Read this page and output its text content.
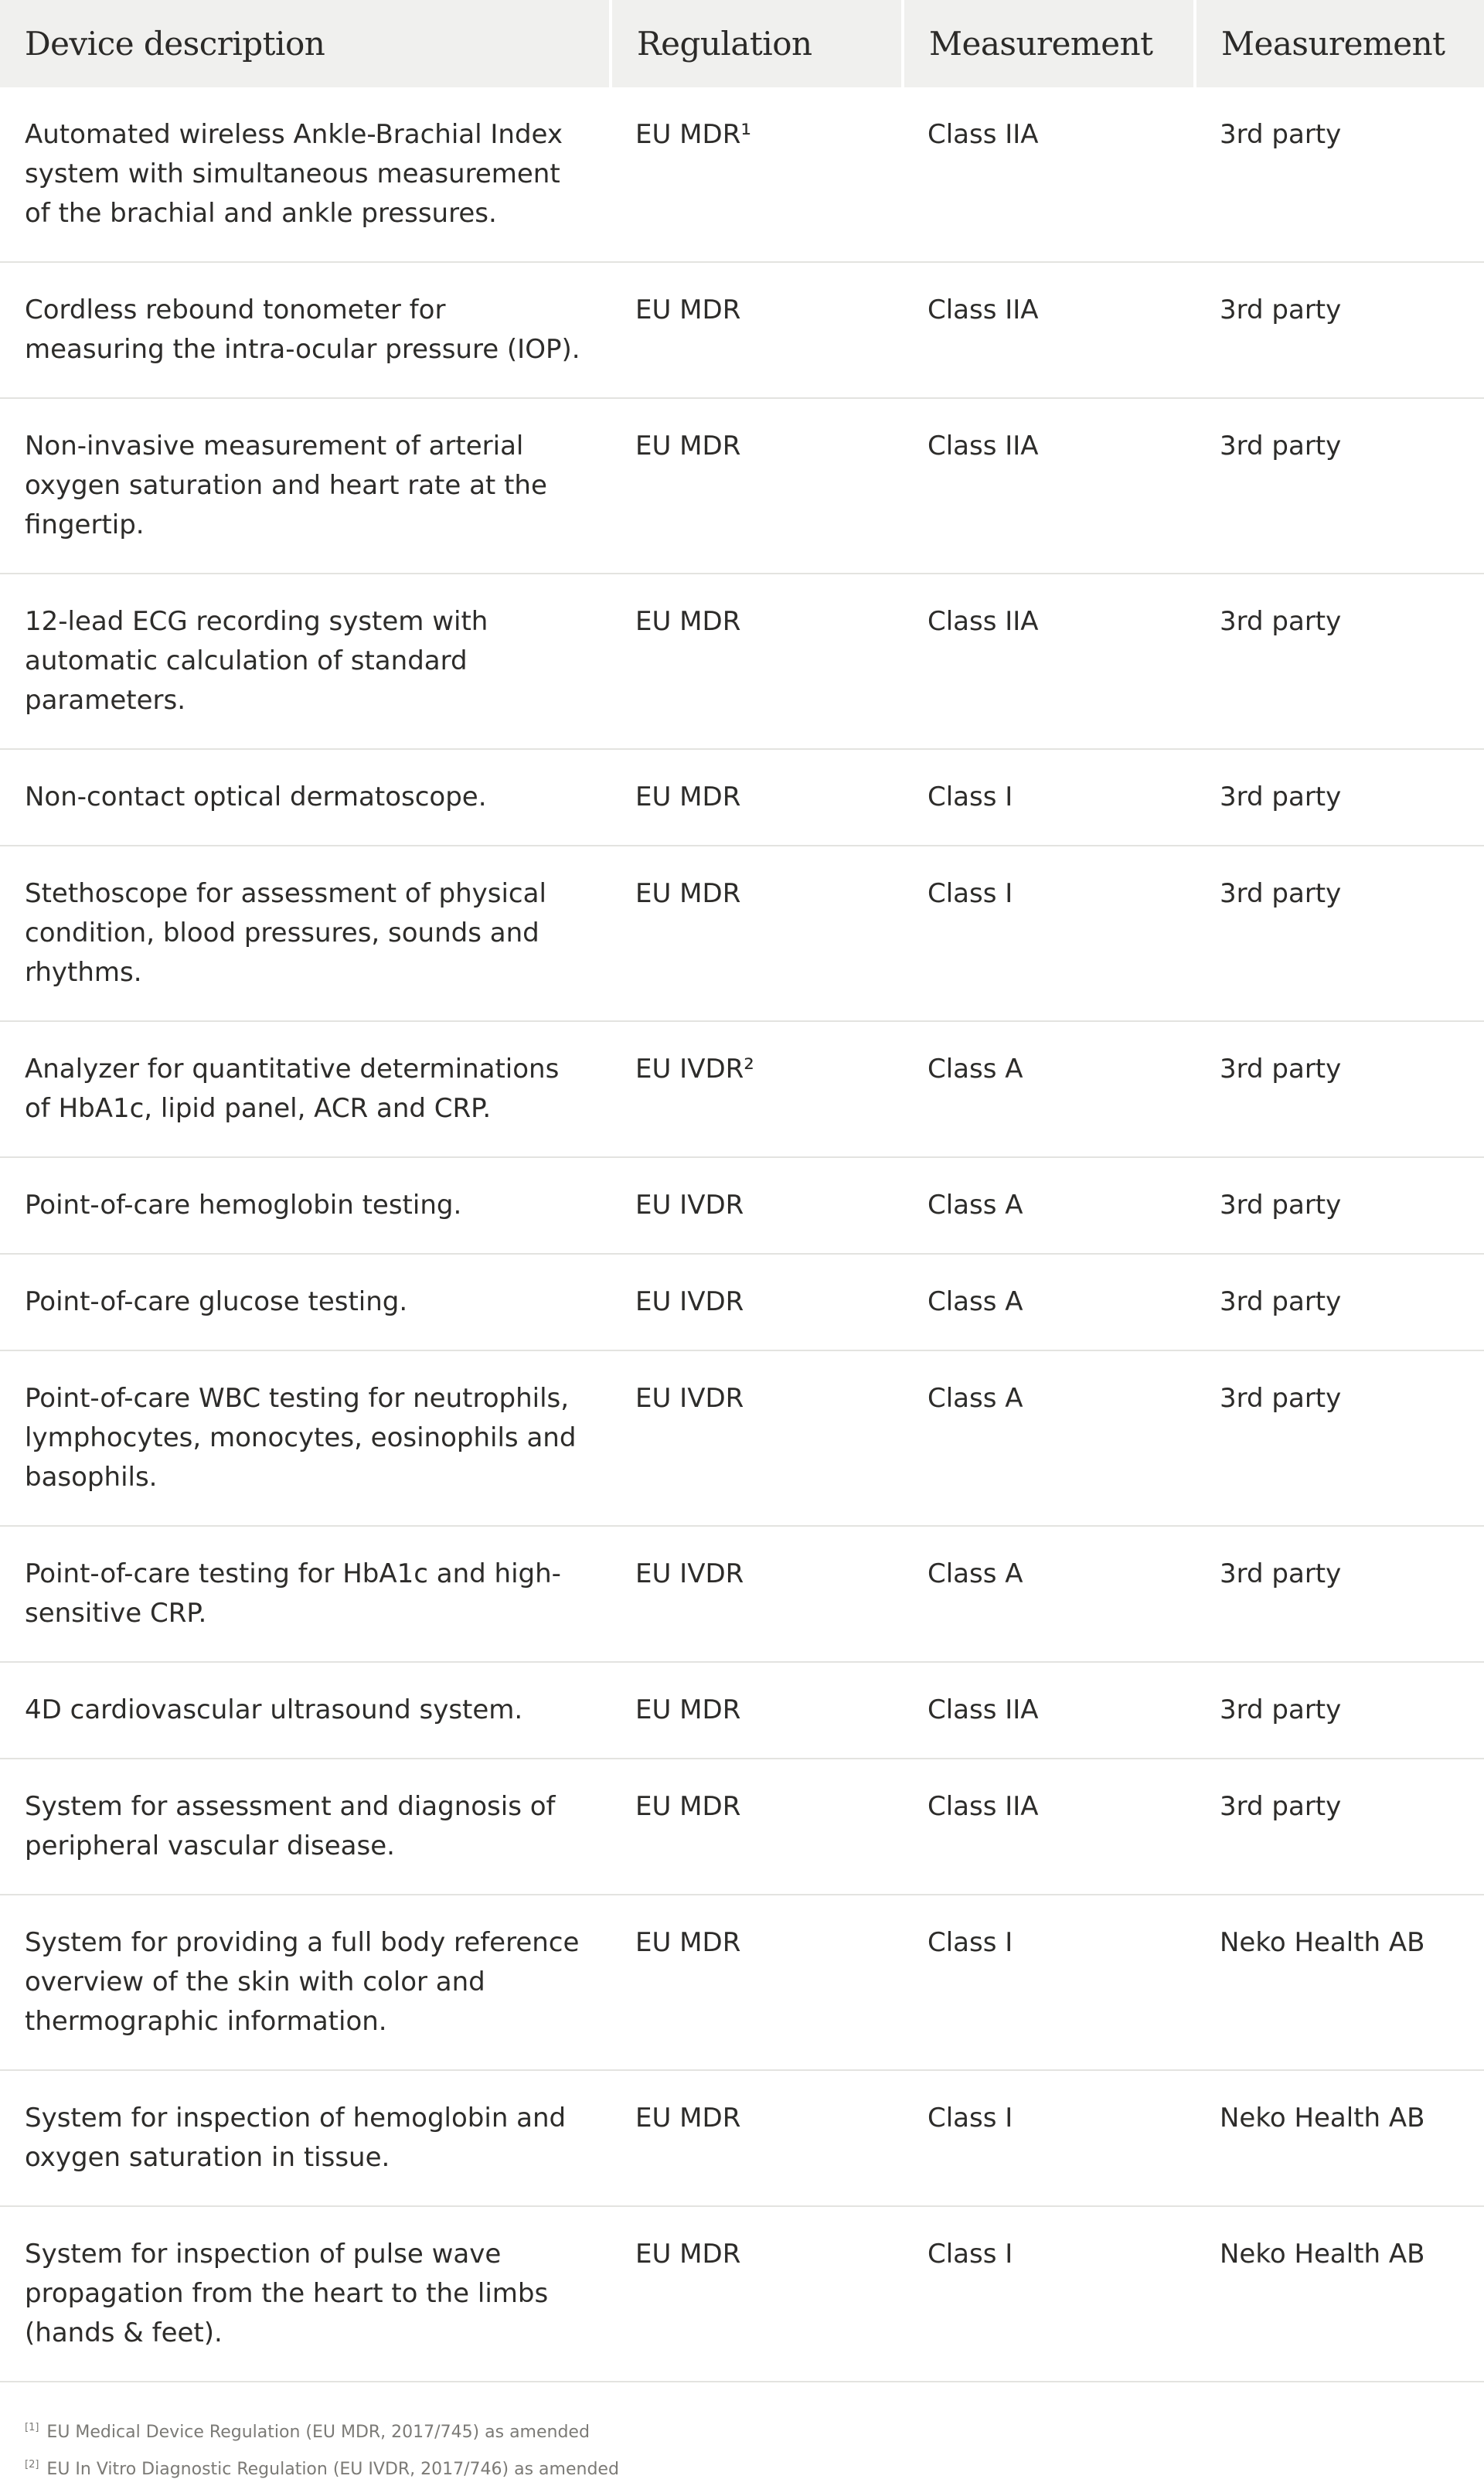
Device description	Regulation	Measurement	Measurement
Automated wireless Ankle-Brachial Index system with simultaneous measurement of the brachial and ankle pressures.	EU MDR¹	Class IIA	3rd party
Cordless rebound tonometer for measuring the intra-ocular pressure (IOP).	EU MDR	Class IIA	3rd party
Non-invasive measurement of arterial oxygen saturation and heart rate at the fingertip.	EU MDR	Class IIA	3rd party
12-lead ECG recording system with automatic calculation of standard parameters.	EU MDR	Class IIA	3rd party
Non-contact optical dermatoscope.	EU MDR	Class I	3rd party
Stethoscope for assessment of physical condition, blood pressures, sounds and rhythms.	EU MDR	Class I	3rd party
Analyzer for quantitative determinations of HbA1c, lipid panel, ACR and CRP.	EU IVDR²	Class A	3rd party
Point-of-care hemoglobin testing.	EU IVDR	Class A	3rd party
Point-of-care glucose testing.	EU IVDR	Class A	3rd party
Point-of-care WBC testing for neutrophils, lymphocytes, monocytes, eosinophils and basophils.	EU IVDR	Class A	3rd party
Point-of-care testing for HbA1c and high-sensitive CRP.	EU IVDR	Class A	3rd party
4D cardiovascular ultrasound system.	EU MDR	Class IIA	3rd party
System for assessment and diagnosis of peripheral vascular disease.	EU MDR	Class IIA	3rd party
System for providing a full body reference overview of the skin with color and thermographic information.	EU MDR	Class I	Neko Health AB
System for inspection of hemoglobin and oxygen saturation in tissue.	EU MDR	Class I	Neko Health AB
System for inspection of pulse wave propagation from the heart to the limbs (hands & feet).	EU MDR	Class I	Neko Health AB
[1] EU Medical Device Regulation (EU MDR, 2017/745) as amended
[2] EU In Vitro Diagnostic Regulation (EU IVDR, 2017/746) as amended
